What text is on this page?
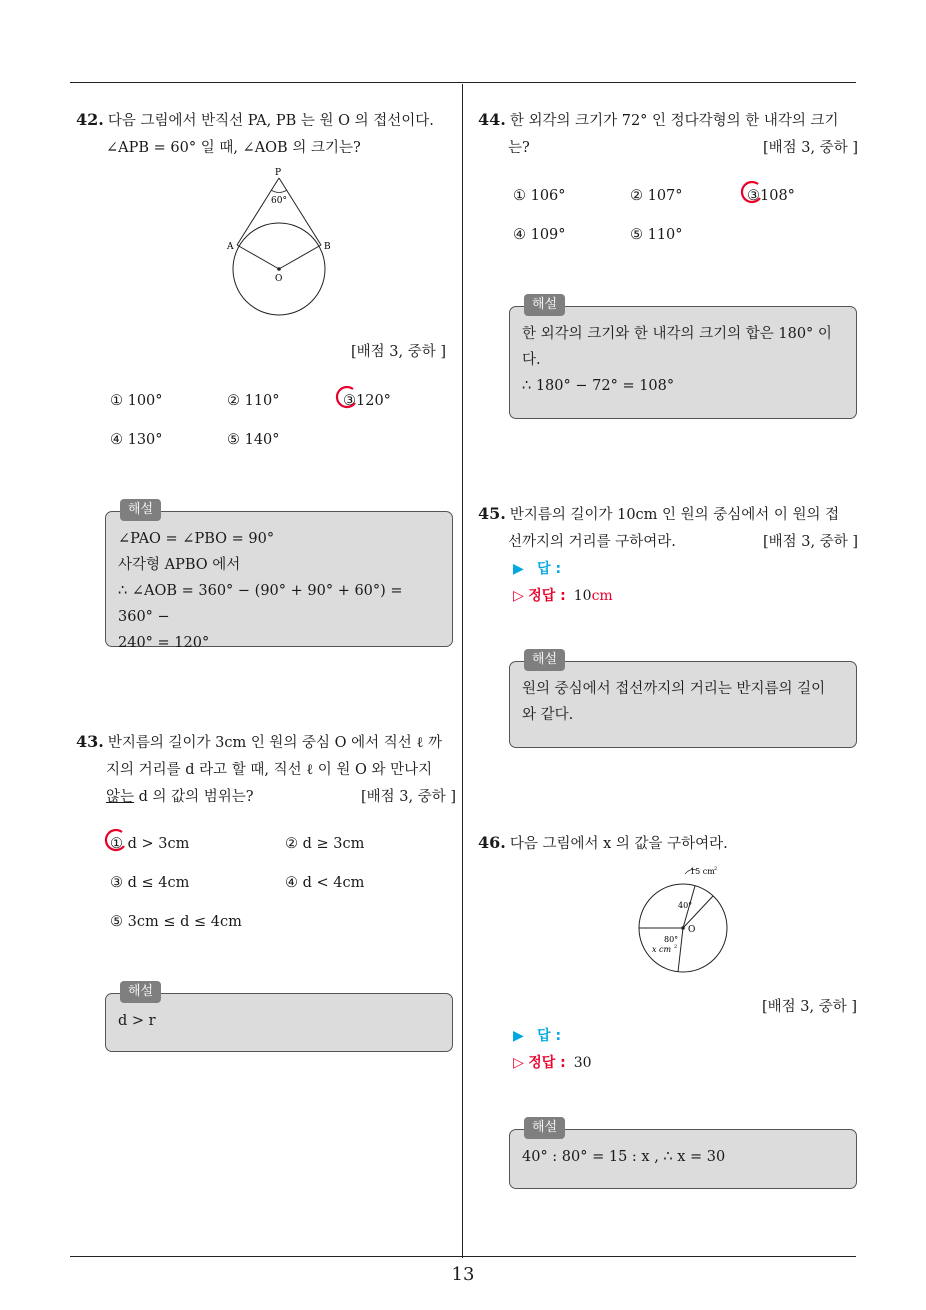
13
42. 다음 그림에서 반직선 PA, PB 는 원 O 의 접선이다.
∠APB = 60° 일 때, ∠AOB 의 크기는?
P
60°
A	B
O
[배점 3, 중하 ]
① 100°	② 110°	③120°
④ 130°	⑤ 140°
해설
∠PAO = ∠PBO = 90°
사각형 APBO 에서
∴ ∠AOB = 360° − (90° + 90° + 60°) = 360° −
240° = 120°
43. 반지름의 길이가 3cm 인 원의 중심 O 에서 직선 ℓ 까
지의 거리를 d 라고 할 때, 직선 ℓ 이 원 O 와 만나지
않는 d 의 값의 범위는?	[배점 3, 중하 ]
① d > 3cm	② d ≥ 3cm
③ d ≤ 4cm	④ d < 4cm
⑤ 3cm ≤ d ≤ 4cm
해설
d > r
44. 한 외각의 크기가 72° 인 정다각형의 한 내각의 크기
는?	[배점 3, 중하 ]
① 106°	② 107°	③108°
④ 109°	⑤ 110°
해설
한 외각의 크기와 한 내각의 크기의 합은 180° 이
다.
∴ 180° − 72° = 108°
45. 반지름의 길이가 10cm 인 원의 중심에서 이 원의 접
선까지의 거리를 구하여라.	[배점 3, 중하 ]
▶ 답 :
▷ 정답 : 10cm
해설
원의 중심에서 접선까지의 거리는 반지름의 길이
와 같다.
46. 다음 그림에서 x 의 값을 구하여라.
15 cm 2
40°
O
80°
x cm 2
[배점 3, 중하 ]
▶ 답 :
▷ 정답 : 30
해설
40° : 80° = 15 : x , ∴ x = 30
